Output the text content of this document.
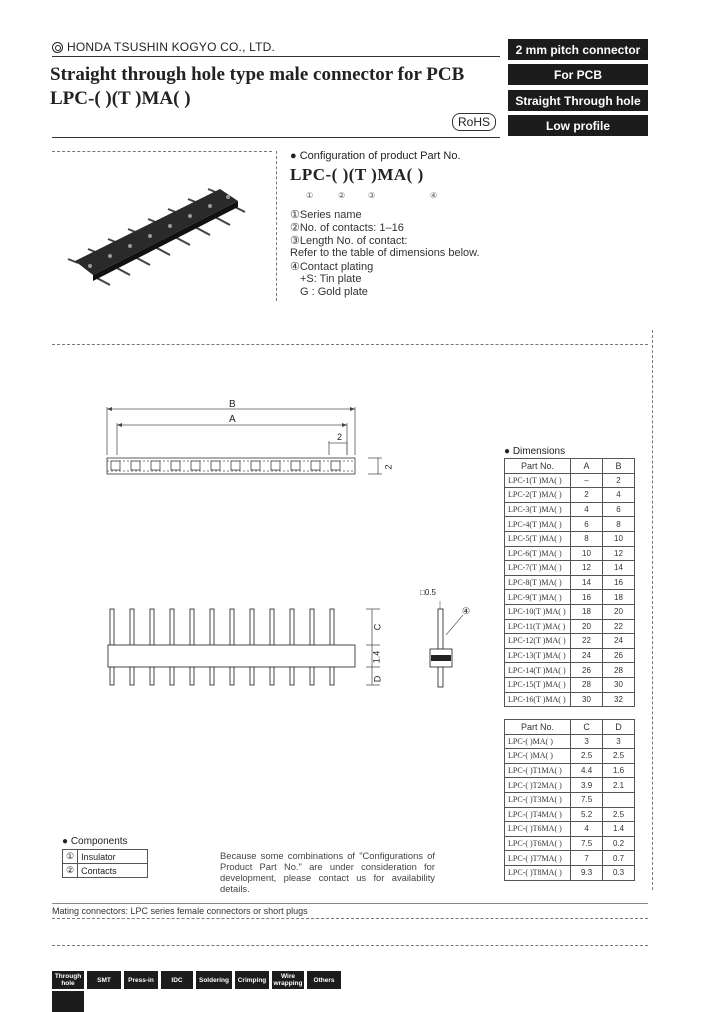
HONDA TSUSHIN KOGYO CO., LTD.
Straight through hole type male connector for PCB
LPC-( )(T )MA( )
RoHS
2 mm pitch connector
For PCB
Straight Through hole
Low profile
● Configuration of product Part No.
LPC-( )(T )MA( )
①	②	③	④
①Series name
②No. of contacts: 1–16
③Length No. of contact:
Refer to the table of dimensions below.
④Contact plating
+S: Tin plate
G : Gold plate
B
A
2
2
C
1.4
D
□0.5
④
● Dimensions
Part No.	A	B
LPC-1(T )MA( )	–	2
LPC-2(T )MA( )	2	4
LPC-3(T )MA( )	4	6
LPC-4(T )MA( )	6	8
LPC-5(T )MA( )	8	10
LPC-6(T )MA( )	10	12
LPC-7(T )MA( )	12	14
LPC-8(T )MA( )	14	16
LPC-9(T )MA( )	16	18
LPC-10(T )MA( )	18	20
LPC-11(T )MA( )	20	22
LPC-12(T )MA( )	22	24
LPC-13(T )MA( )	24	26
LPC-14(T )MA( )	26	28
LPC-15(T )MA( )	28	30
LPC-16(T )MA( )	30	32
Part No.	C	D
LPC-( )MA( )	3	3
LPC-( )MA( )	2.5	2.5
LPC-( )T1MA( )	4.4	1.6
LPC-( )T2MA( )	3.9	2.1
LPC-( )T3MA( )	7.5	
LPC-( )T4MA( )	5.2	2.5
LPC-( )T6MA( )	4	1.4
LPC-( )T6MA( )	7.5	0.2
LPC-( )T7MA( )	7	0.7
LPC-( )T8MA( )	9.3	0.3
● Components
①	Insulator
②	Contacts
Because some combinations of "Configurations of Product Part No." are under consideration for development, please contact us for availability details.
Mating connectors: LPC series female connectors or short plugs
Through hole	SMT	Press-in	IDC	Soldering	Crimping	Wire wrapping	Others
